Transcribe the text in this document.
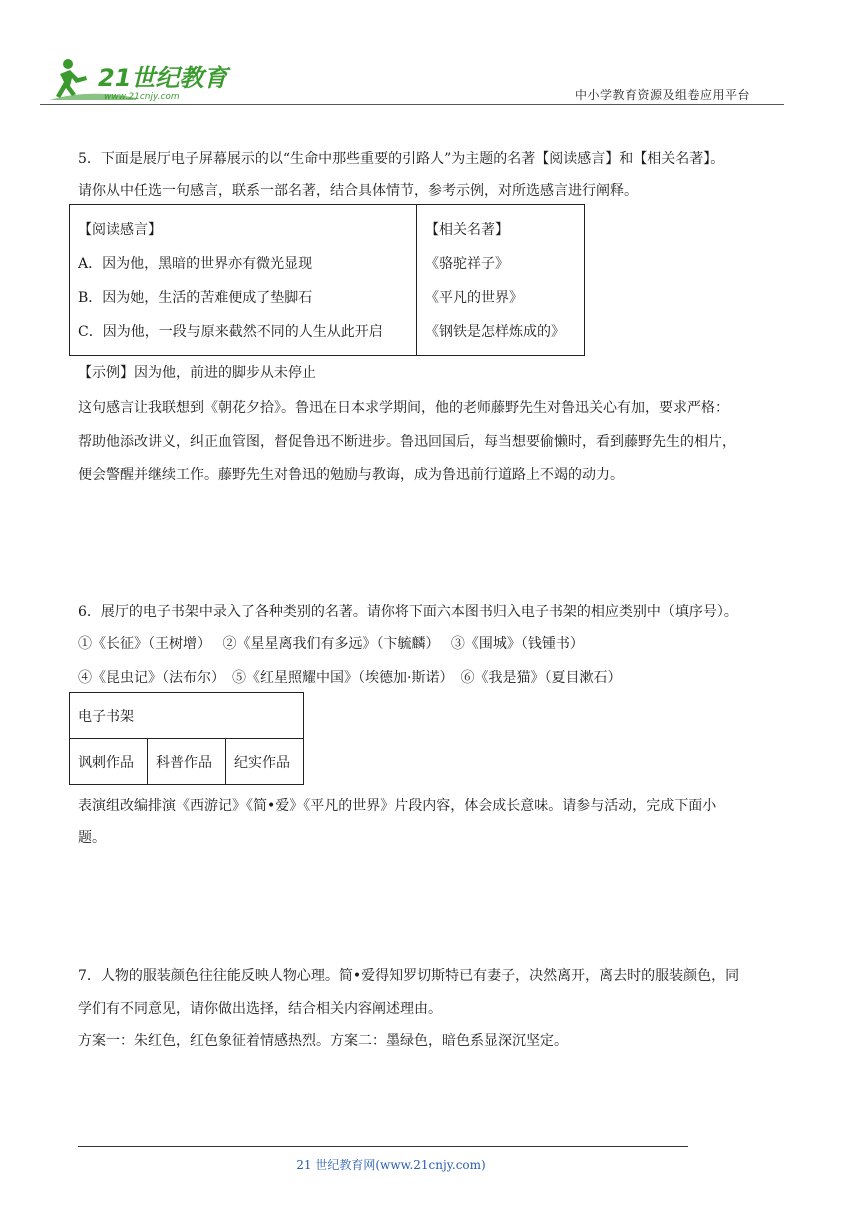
21世纪教育
www.21cnjy.com	中小学教育资源及组卷应用平台
5．下面是展厅电子屏幕展示的以“生命中那些重要的引路人”为主题的名著【阅读感言】和【相关名著】。
请你从中任选一句感言，联系一部名著，结合具体情节，参考示例，对所选感言进行阐释。
【阅读感言】
A．因为他，黑暗的世界亦有微光显现
B．因为她，生活的苦难便成了垫脚石
C．因为他，一段与原来截然不同的人生从此开启

【相关名著】
《骆驼祥子》
《平凡的世界》
《钢铁是怎样炼成的》
【示例】因为他，前进的脚步从未停止
这句感言让我联想到《朝花夕拾》。鲁迅在日本求学期间，他的老师藤野先生对鲁迅关心有加，要求严格：
帮助他添改讲义，纠正血管图，督促鲁迅不断进步。鲁迅回国后，每当想要偷懒时，看到藤野先生的相片，
便会警醒并继续工作。藤野先生对鲁迅的勉励与教诲，成为鲁迅前行道路上不竭的动力。
6．展厅的电子书架中录入了各种类别的名著。请你将下面六本图书归入电子书架的相应类别中（填序号）。
①《长征》（王树增）　 ②《星星离我们有多远》（卞毓麟）　 ③《围城》（钱锺书）
④《昆虫记》（法布尔）　⑤《红星照耀中国》（埃德加·斯诺）　⑥《我是猫》（夏目漱石）
电子书架
讽刺作品	科普作品	纪实作品
表演组改编排演《西游记》《简•爱》《平凡的世界》片段内容，体会成长意味。请参与活动，完成下面小
题。
7．人物的服装颜色往往能反映人物心理。简•爱得知罗切斯特已有妻子，决然离开，离去时的服装颜色，同
学们有不同意见，请你做出选择，结合相关内容阐述理由。
方案一：朱红色，红色象征着情感热烈。方案二：墨绿色，暗色系显深沉坚定。
21 世纪教育网(www.21cnjy.com)
